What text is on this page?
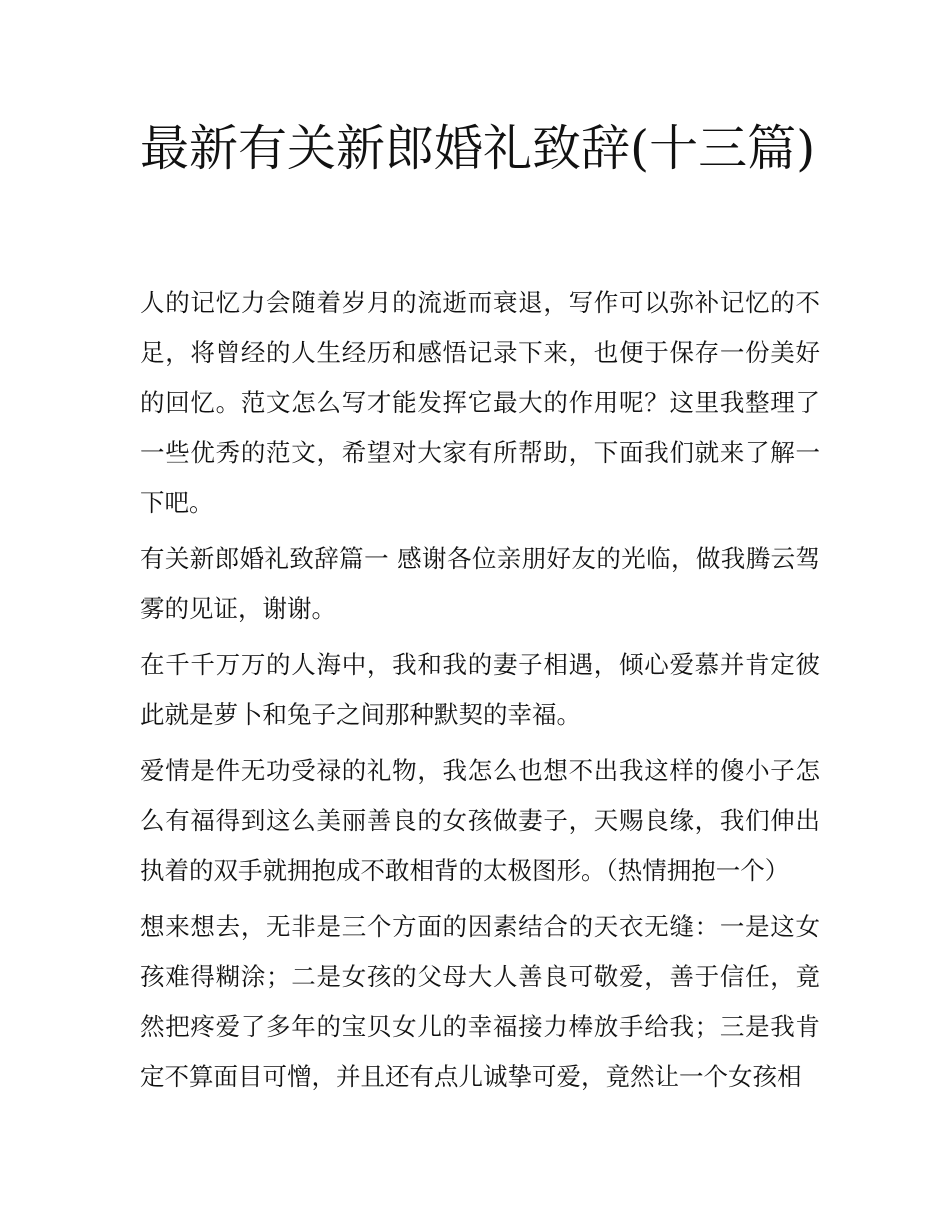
最新有关新郎婚礼致辞(十三篇)

人的记忆力会随着岁月的流逝而衰退，写作可以弥补记忆的不足，将曾经的人生经历和感悟记录下来，也便于保存一份美好的回忆。范文怎么写才能发挥它最大的作用呢？这里我整理了一些优秀的范文，希望对大家有所帮助，下面我们就来了解一下吧。

有关新郎婚礼致辞篇一 感谢各位亲朋好友的光临，做我腾云驾雾的见证，谢谢。

在千千万万的人海中，我和我的妻子相遇，倾心爱慕并肯定彼此就是萝卜和兔子之间那种默契的幸福。

爱情是件无功受禄的礼物，我怎么也想不出我这样的傻小子怎么有福得到这么美丽善良的女孩做妻子，天赐良缘，我们伸出执着的双手就拥抱成不敢相背的太极图形。（热情拥抱一个）

想来想去，无非是三个方面的因素结合的天衣无缝：一是这女孩难得糊涂；二是女孩的父母大人善良可敬爱，善于信任，竟然把疼爱了多年的宝贝女儿的幸福接力棒放手给我；三是我肯定不算面目可憎，并且还有点儿诚挚可爱，竟然让一个女孩相
